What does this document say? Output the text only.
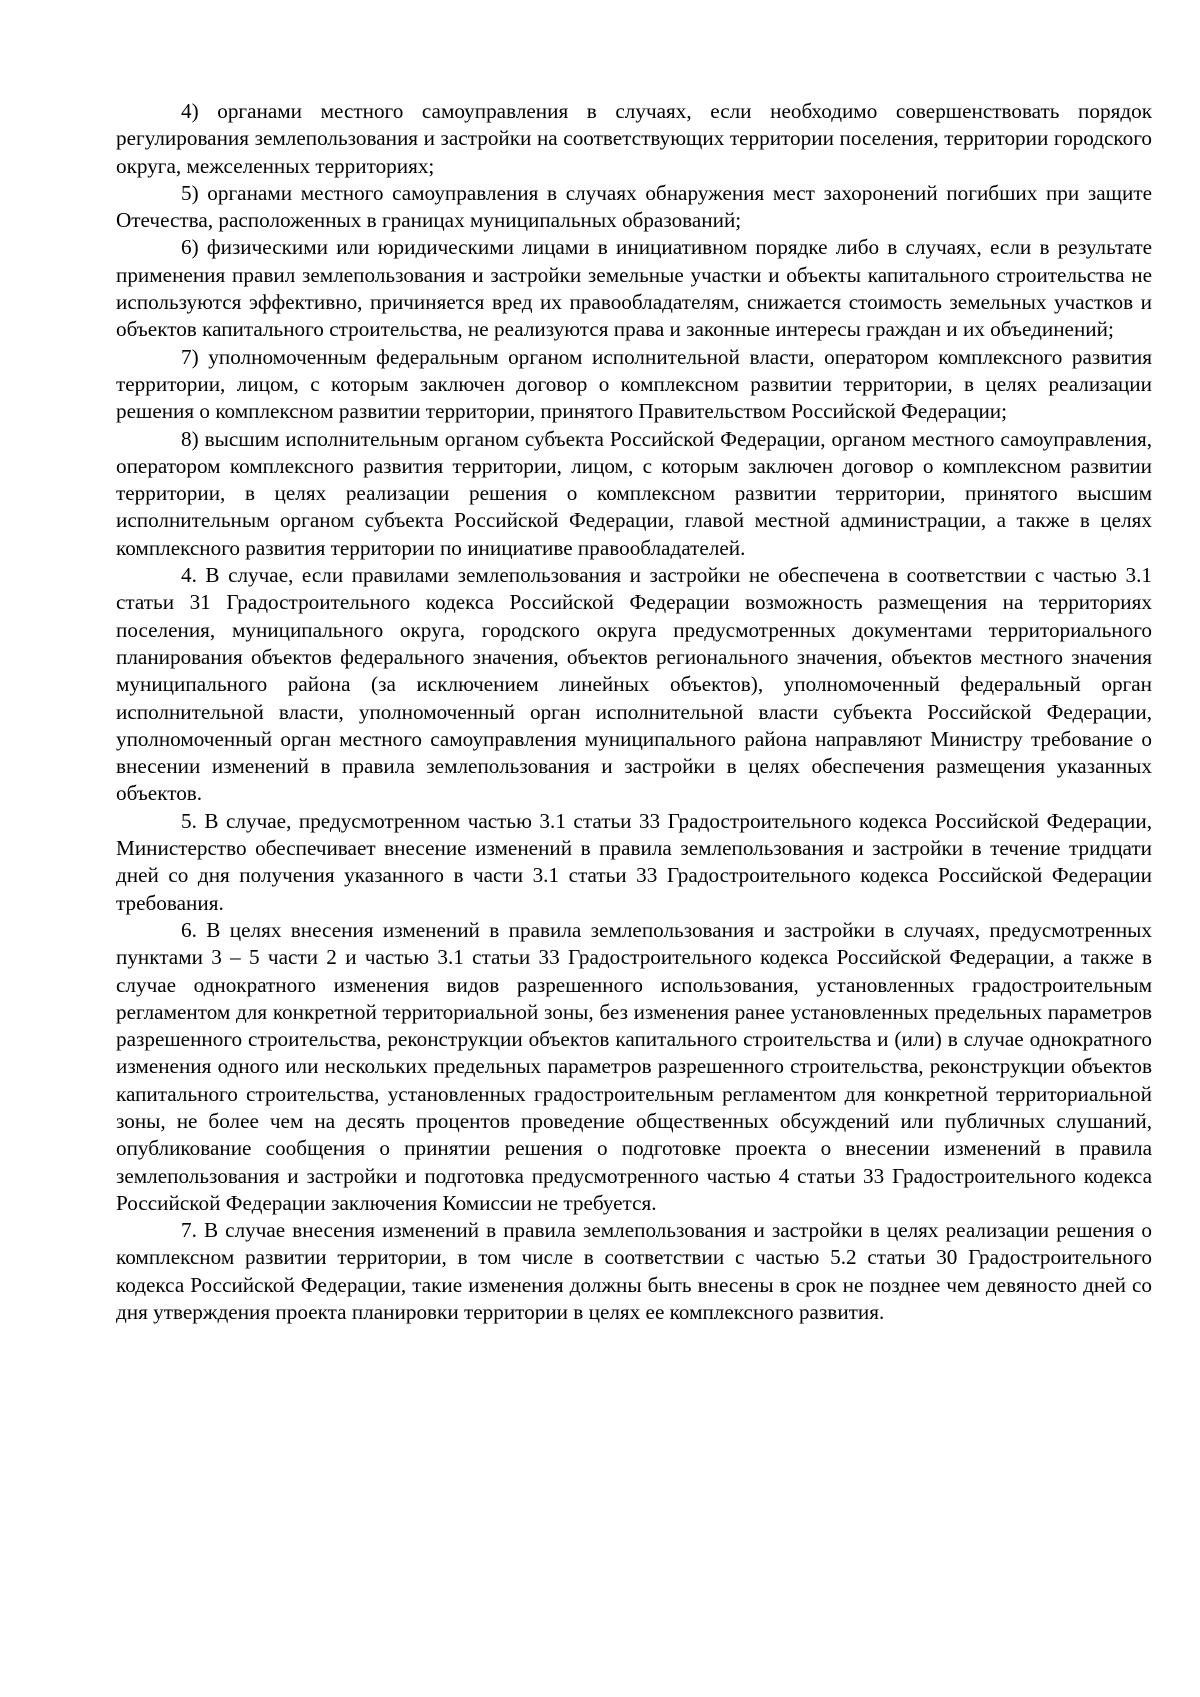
4) органами местного самоуправления в случаях, если необходимо совершенствовать порядок регулирования землепользования и застройки на соответствующих территории поселения, территории городского округа, межселенных территориях;

5) органами местного самоуправления в случаях обнаружения мест захоронений погибших при защите Отечества, расположенных в границах муниципальных образований;

6) физическими или юридическими лицами в инициативном порядке либо в случаях, если в результате применения правил землепользования и застройки земельные участки и объекты капитального строительства не используются эффективно, причиняется вред их правообладателям, снижается стоимость земельных участков и объектов капитального строительства, не реализуются права и законные интересы граждан и их объединений;

7) уполномоченным федеральным органом исполнительной власти, оператором комплексного развития территории, лицом, с которым заключен договор о комплексном развитии территории, в целях реализации решения о комплексном развитии территории, принятого Правительством Российской Федерации;

8) высшим исполнительным органом субъекта Российской Федерации, органом местного самоуправления, оператором комплексного развития территории, лицом, с которым заключен договор о комплексном развитии территории, в целях реализации решения о комплексном развитии территории, принятого высшим исполнительным органом субъекта Российской Федерации, главой местной администрации, а также в целях комплексного развития территории по инициативе правообладателей.

4. В случае, если правилами землепользования и застройки не обеспечена в соответствии с частью 3.1 статьи 31 Градостроительного кодекса Российской Федерации возможность размещения на территориях поселения, муниципального округа, городского округа предусмотренных документами территориального планирования объектов федерального значения, объектов регионального значения, объектов местного значения муниципального района (за исключением линейных объектов), уполномоченный федеральный орган исполнительной власти, уполномоченный орган исполнительной власти субъекта Российской Федерации, уполномоченный орган местного самоуправления муниципального района направляют Министру требование о внесении изменений в правила землепользования и застройки в целях обеспечения размещения указанных объектов.

5. В случае, предусмотренном частью 3.1 статьи 33 Градостроительного кодекса Российской Федерации, Министерство обеспечивает внесение изменений в правила землепользования и застройки в течение тридцати дней со дня получения указанного в части 3.1 статьи 33 Градостроительного кодекса Российской Федерации требования.

6. В целях внесения изменений в правила землепользования и застройки в случаях, предусмотренных пунктами 3 – 5 части 2 и частью 3.1 статьи 33 Градостроительного кодекса Российской Федерации, а также в случае однократного изменения видов разрешенного использования, установленных градостроительным регламентом для конкретной территориальной зоны, без изменения ранее установленных предельных параметров разрешенного строительства, реконструкции объектов капитального строительства и (или) в случае однократного изменения одного или нескольких предельных параметров разрешенного строительства, реконструкции объектов капитального строительства, установленных градостроительным регламентом для конкретной территориальной зоны, не более чем на десять процентов проведение общественных обсуждений или публичных слушаний, опубликование сообщения о принятии решения о подготовке проекта о внесении изменений в правила землепользования и застройки и подготовка предусмотренного частью 4 статьи 33 Градостроительного кодекса Российской Федерации заключения Комиссии не требуется.

7. В случае внесения изменений в правила землепользования и застройки в целях реализации решения о комплексном развитии территории, в том числе в соответствии с частью 5.2 статьи 30 Градостроительного кодекса Российской Федерации, такие изменения должны быть внесены в срок не позднее чем девяносто дней со дня утверждения проекта планировки территории в целях ее комплексного развития.
